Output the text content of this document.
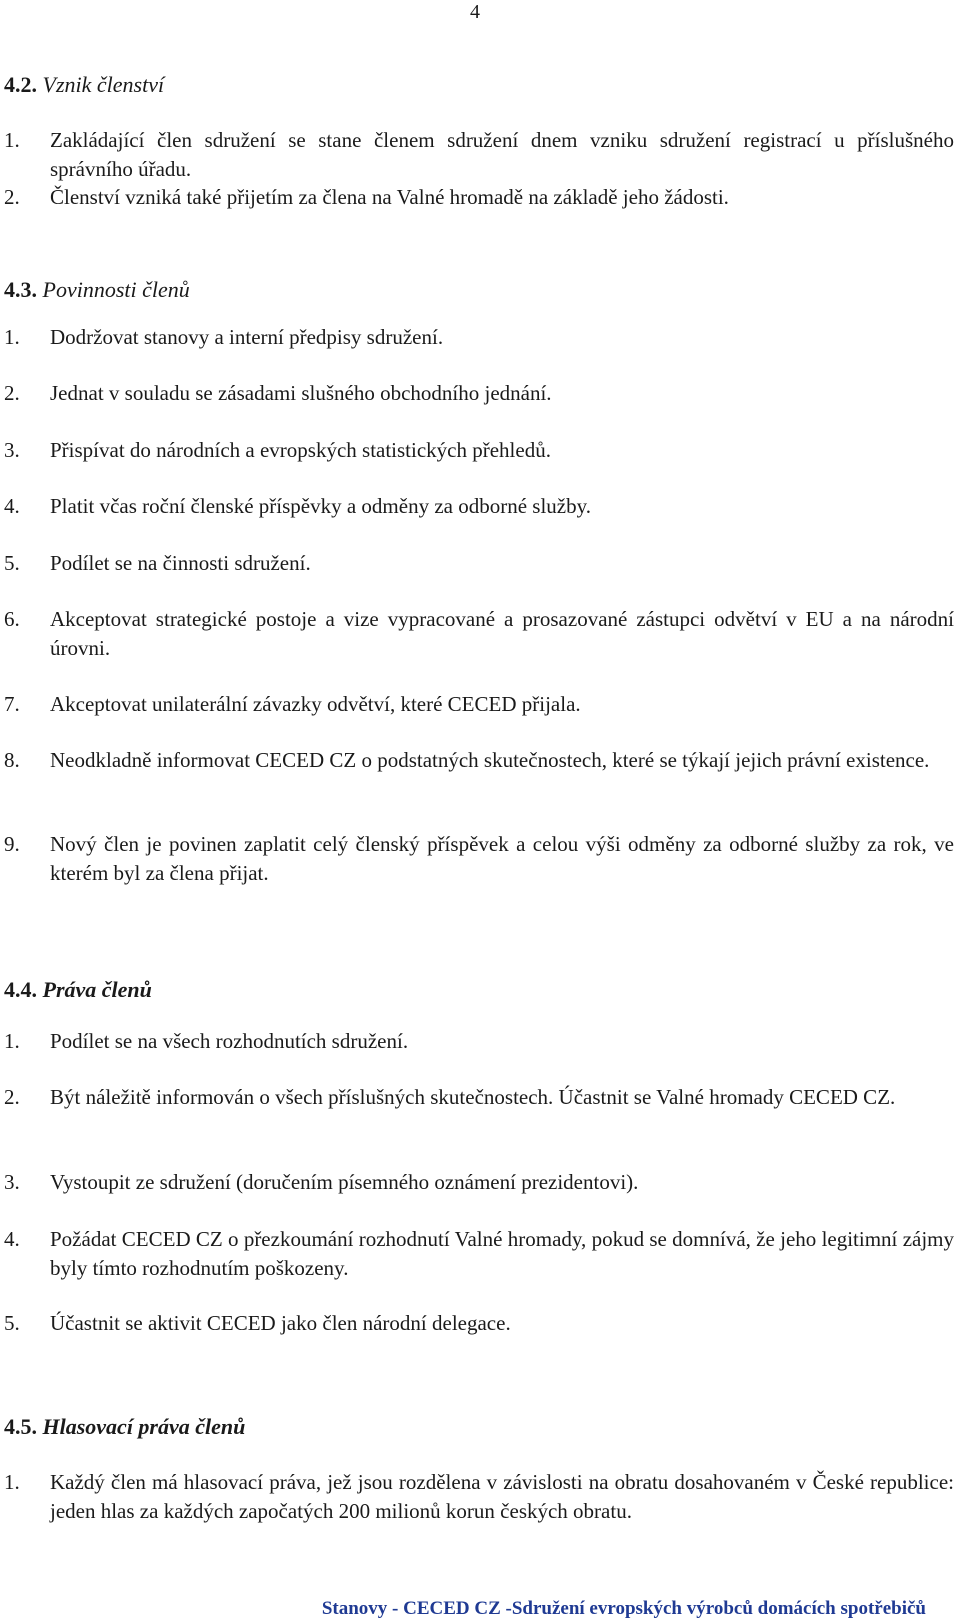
4
4.2. Vznik členství
1. Zakládající člen sdružení se stane členem sdružení dnem vzniku sdružení registrací u příslušného správního úřadu.
2. Členství vzniká také přijetím za člena na Valné hromadě na základě jeho žádosti.
4.3. Povinnosti členů
1. Dodržovat stanovy a interní předpisy sdružení.
2. Jednat v souladu se zásadami slušného obchodního jednání.
3. Přispívat do národních a evropských statistických přehledů.
4. Platit včas roční členské příspěvky a odměny za odborné služby.
5. Podílet se na činnosti sdružení.
6. Akceptovat strategické postoje a vize vypracované a prosazované zástupci odvětví v EU a na národní úrovni.
7. Akceptovat unilaterální závazky odvětví, které CECED přijala.
8. Neodkladně informovat CECED CZ o podstatných skutečnostech, které se týkají jejich právní existence.
9. Nový člen je povinen zaplatit celý členský příspěvek a celou výši odměny za odborné služby za rok, ve kterém byl za člena přijat.
4.4. Práva členů
1. Podílet se na všech rozhodnutích sdružení.
2. Být náležitě informován o všech příslušných skutečnostech. Účastnit se Valné hromady CECED CZ.
3. Vystoupit ze sdružení (doručením písemného oznámení prezidentovi).
4. Požádat CECED CZ o přezkoumání rozhodnutí Valné hromady, pokud se domnívá, že jeho legitimní zájmy byly tímto rozhodnutím poškozeny.
5. Účastnit se aktivit CECED jako člen národní delegace.
4.5. Hlasovací práva členů
1. Každý člen má hlasovací práva, jež jsou rozdělena v závislosti na obratu dosahovaném v České republice: jeden hlas za každých započatých 200 milionů korun českých obratu.
Stanovy - CECED CZ -Sdružení evropských výrobců domácích spotřebičů
